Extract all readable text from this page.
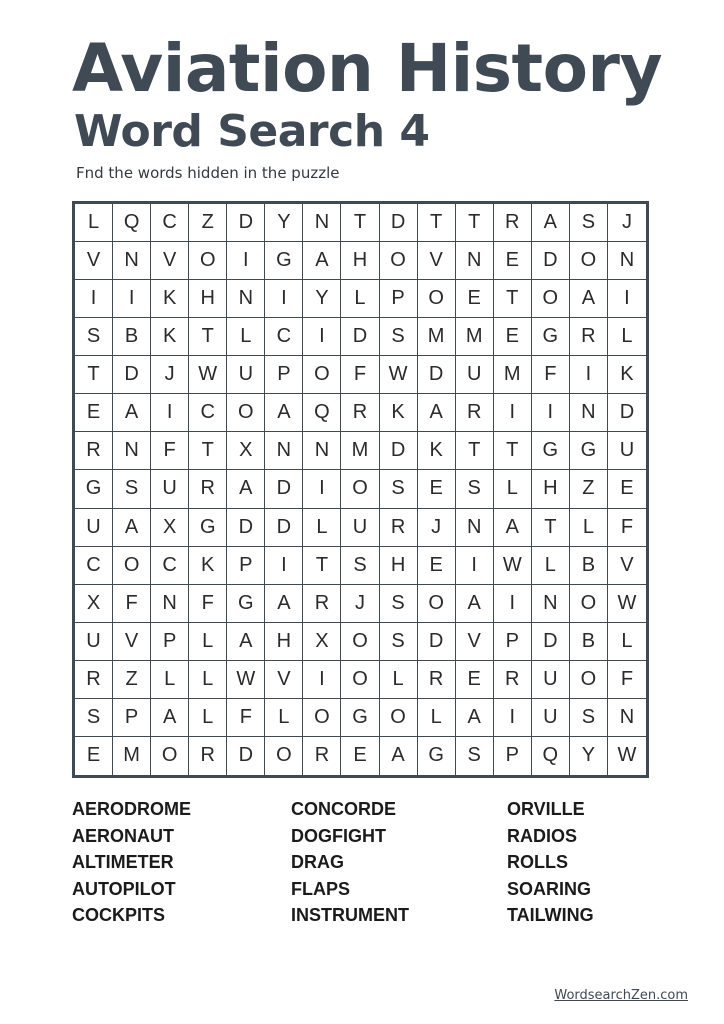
Aviation History
Word Search 4
Fnd the words hidden in the puzzle
L	Q	C	Z	D	Y	N	T	D	T	T	R	A	S	J
V	N	V	O	I	G	A	H	O	V	N	E	D	O	N
I	I	K	H	N	I	Y	L	P	O	E	T	O	A	I
S	B	K	T	L	C	I	D	S	M	M	E	G	R	L
T	D	J	W	U	P	O	F	W	D	U	M	F	I	K
E	A	I	C	O	A	Q	R	K	A	R	I	I	N	D
R	N	F	T	X	N	N	M	D	K	T	T	G	G	U
G	S	U	R	A	D	I	O	S	E	S	L	H	Z	E
U	A	X	G	D	D	L	U	R	J	N	A	T	L	F
C	O	C	K	P	I	T	S	H	E	I	W	L	B	V
X	F	N	F	G	A	R	J	S	O	A	I	N	O	W
U	V	P	L	A	H	X	O	S	D	V	P	D	B	L
R	Z	L	L	W	V	I	O	L	R	E	R	U	O	F
S	P	A	L	F	L	O	G	O	L	A	I	U	S	N
E	M	O	R	D	O	R	E	A	G	S	P	Q	Y	W
AERODROME
AERONAUT
ALTIMETER
AUTOPILOT
COCKPITS
CONCORDE
DOGFIGHT
DRAG
FLAPS
INSTRUMENT
ORVILLE
RADIOS
ROLLS
SOARING
TAILWING
WordsearchZen.com
